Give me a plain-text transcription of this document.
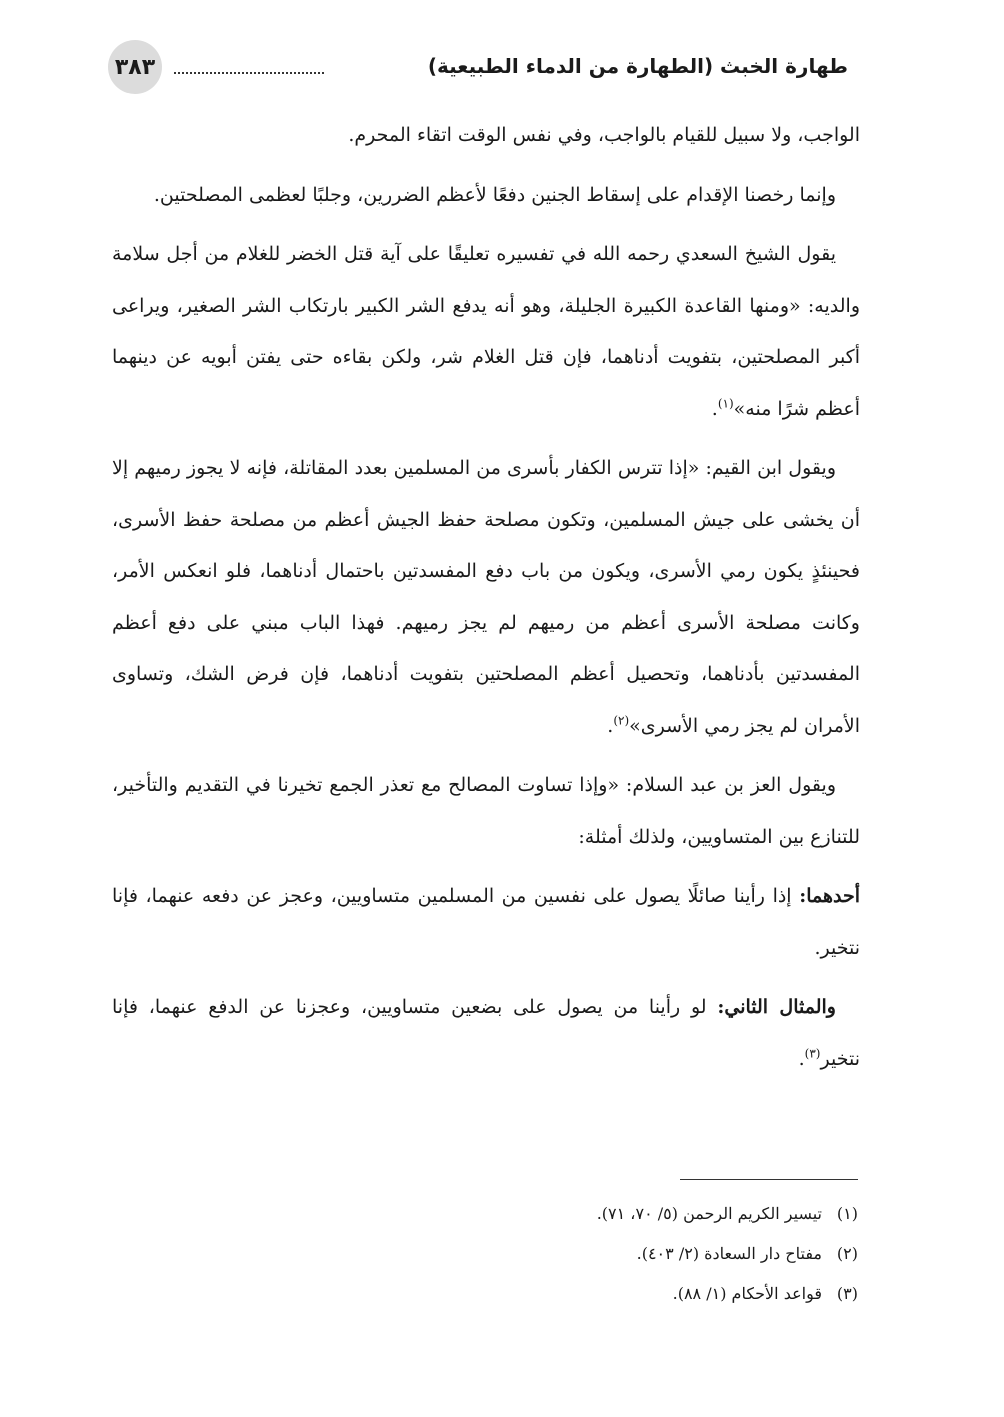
طهارة الخبث (الطهارة من الدماء الطبيعية)
٣٨٣

الواجب، ولا سبيل للقيام بالواجب، وفي نفس الوقت اتقاء المحرم.

وإنما رخصنا الإقدام على إسقاط الجنين دفعًا لأعظم الضررين، وجلبًا لعظمى المصلحتين.

يقول الشيخ السعدي رحمه الله في تفسيره تعليقًا على آية قتل الخضر للغلام من أجل سلامة والديه: «ومنها القاعدة الكبيرة الجليلة، وهو أنه يدفع الشر الكبير بارتكاب الشر الصغير، ويراعى أكبر المصلحتين، بتفويت أدناهما، فإن قتل الغلام شر، ولكن بقاءه حتى يفتن أبويه عن دينهما أعظم شرًا منه»$^{(١)}$.

ويقول ابن القيم: «إذا تترس الكفار بأسرى من المسلمين بعدد المقاتلة، فإنه لا يجوز رميهم إلا أن يخشى على جيش المسلمين، وتكون مصلحة حفظ الجيش أعظم من مصلحة حفظ الأسرى، فحينئذٍ يكون رمي الأسرى، ويكون من باب دفع المفسدتين باحتمال أدناهما، فلو انعكس الأمر، وكانت مصلحة الأسرى أعظم من رميهم لم يجز رميهم. فهذا الباب مبني على دفع أعظم المفسدتين بأدناهما، وتحصيل أعظم المصلحتين بتفويت أدناهما، فإن فرض الشك، وتساوى الأمران لم يجز رمي الأسرى»$^{(٢)}$.

ويقول العز بن عبد السلام: «وإذا تساوت المصالح مع تعذر الجمع تخيرنا في التقديم والتأخير، للتنازع بين المتساويين، ولذلك أمثلة:

أحدهما: إذا رأينا صائلًا يصول على نفسين من المسلمين متساويين، وعجز عن دفعه عنهما، فإنا نتخير.

والمثال الثاني: لو رأينا من يصول على بضعين متساويين، وعجزنا عن الدفع عنهما، فإنا نتخير$^{(٣)}$.

(١)تيسير الكريم الرحمن (٥/ ٧٠، ٧١).
(٢)مفتاح دار السعادة (٢/ ٤٠٣).
(٣)قواعد الأحكام (١/ ٨٨).
